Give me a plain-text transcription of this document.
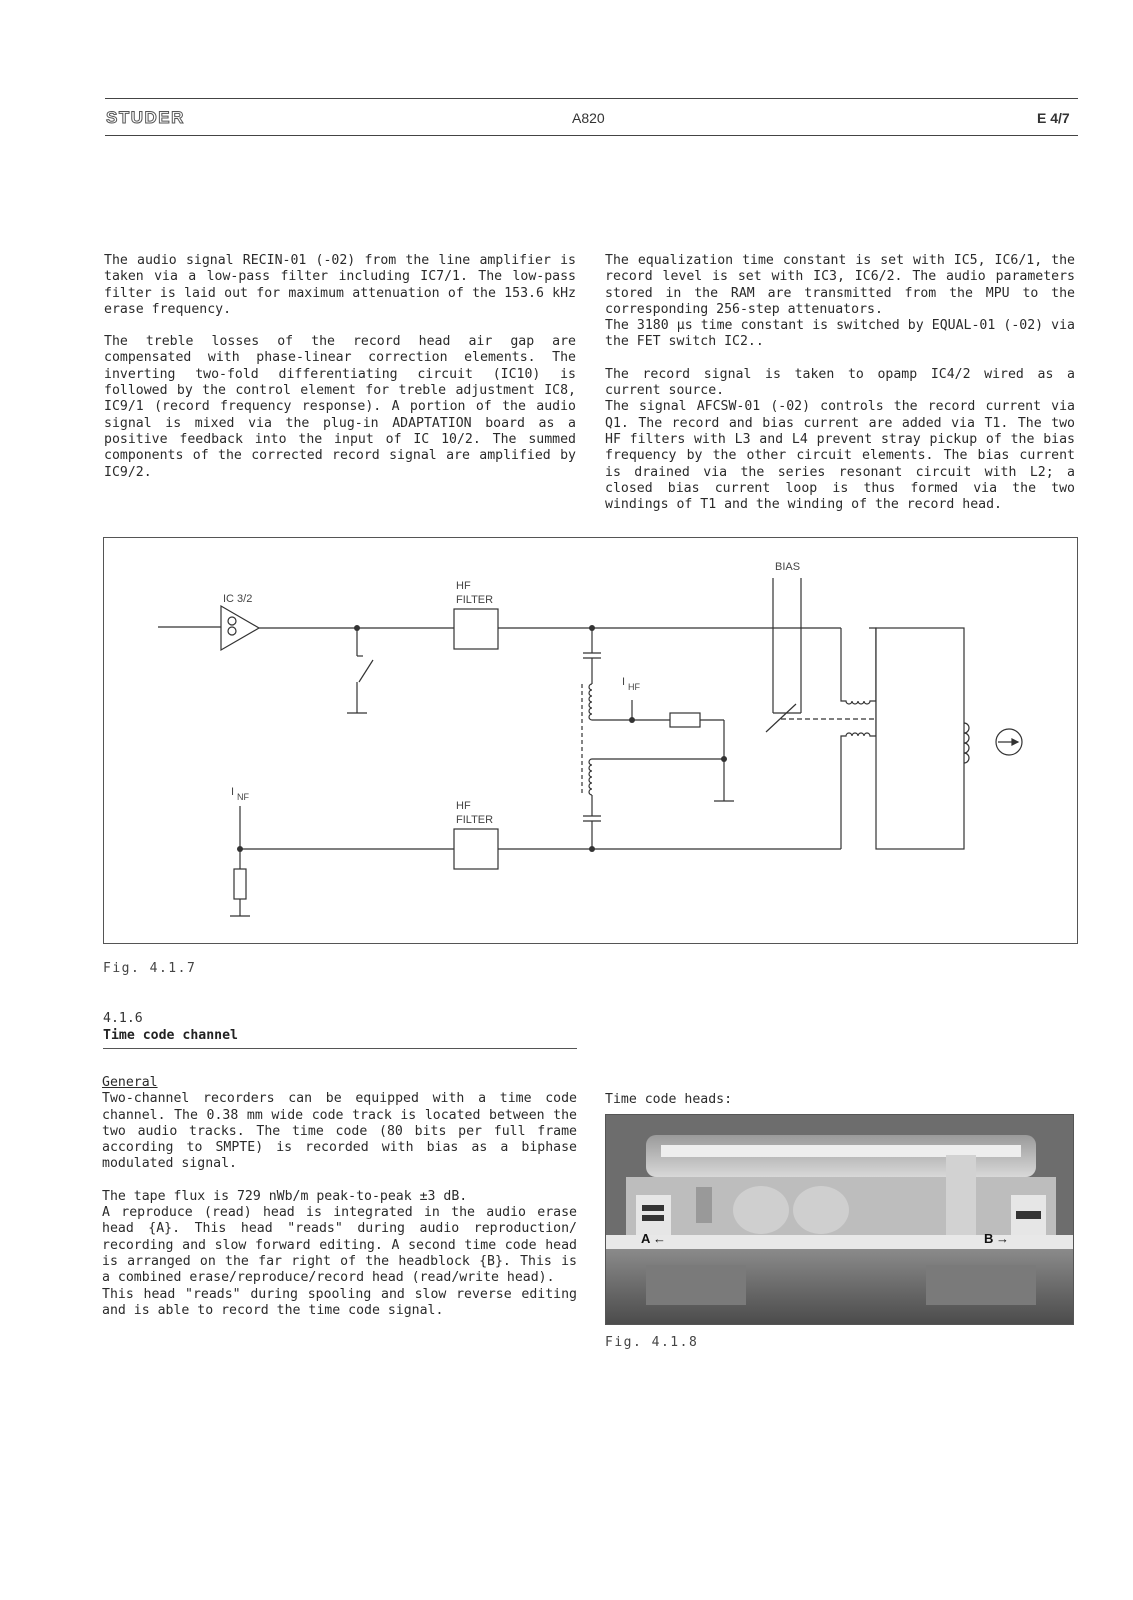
STUDER	A820	E 4/7

The audio signal RECIN-01 (-02) from the line amplifier is taken via a low-pass filter including IC7/1. The low-pass filter is laid out for maximum attenuation of the 153.6 kHz erase frequency.

The treble losses of the record head air gap are compensated with phase-linear correction elements. The inverting two-fold differentiating circuit (IC10) is followed by the control element for treble adjustment IC8, IC9/1 (record frequency response). A portion of the audio signal is mixed via the plug-in ADAPTATION board as a positive feedback into the input of IC 10/2. The summed components of the corrected record signal are amplified by IC9/2.

The equalization time constant is set with IC5, IC6/1, the record level is set with IC3, IC6/2. The audio parameters stored in the RAM are transmitted from the MPU to the corresponding 256-step attenuators.

The 3180 µs time constant is switched by EQUAL-01 (-02) via the FET switch IC2..

The record signal is taken to opamp IC4/2 wired as a current source.

The signal AFCSW-01 (-02) controls the record current via Q1. The record and bias current are added via T1. The two HF filters with L3 and L4 prevent stray pickup of the bias frequency by the other circuit elements. The bias current is drained via the series resonant circuit with L2; a closed bias current loop is thus formed via the two windings of T1 and the winding of the record head.

IC 3/2
HF
FILTER
BIAS
I HF
I NF
HF
FILTER
Fig. 4.1.7
4.1.6
Time code channel

General

Two-channel recorders can be equipped with a time code channel. The 0.38 mm wide code track is located between the two audio tracks. The time code (80 bits per full frame according to SMPTE) is recorded with bias as a biphase modulated signal.

The tape flux is 729 nWb/m peak-to-peak ±3 dB.

A reproduce (read) head is integrated in the audio erase head {A}. This head "reads" during audio reproduction/ recording and slow forward editing. A second time code head is arranged on the far right of the headblock {B}. This is a combined erase/reproduce/record head (read/write head).

This head "reads" during spooling and slow reverse editing and is able to record the time code signal.

Time code heads:
A ←	B →
Fig. 4.1.8
